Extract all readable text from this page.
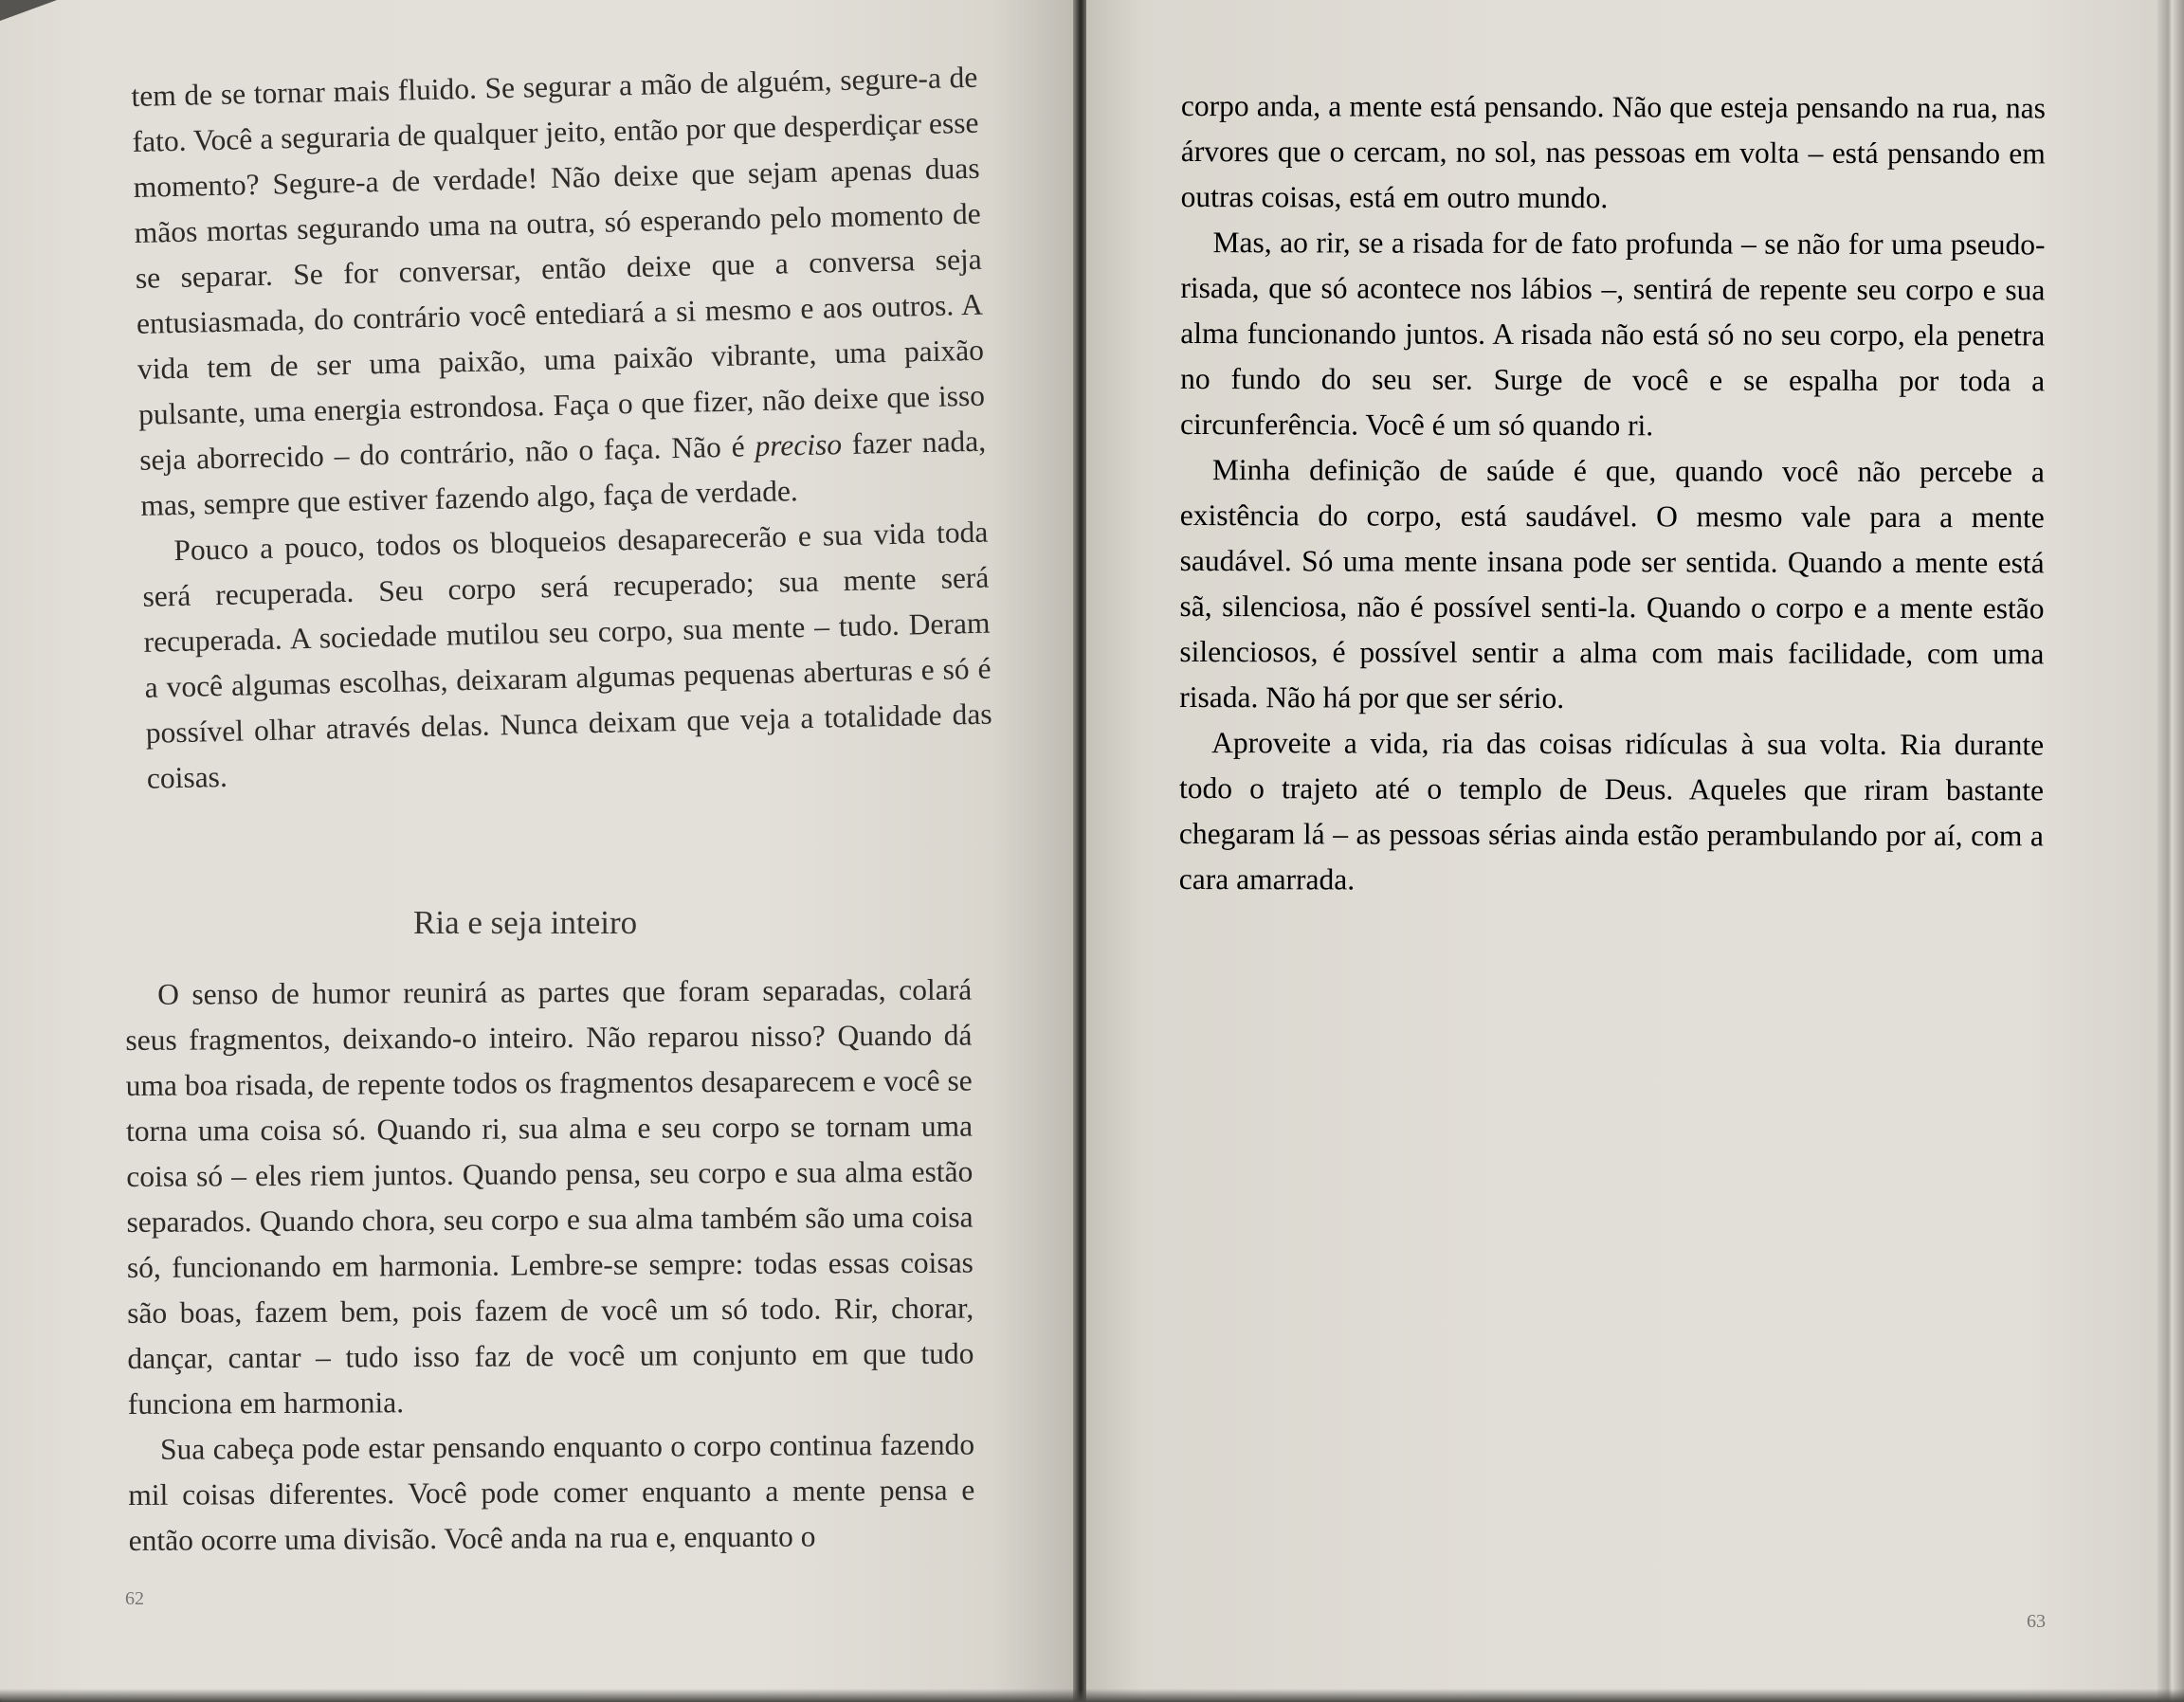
tem de se tornar mais fluido. Se segurar a mão de alguém, segure-a de fato. Você a seguraria de qualquer jeito, então por que desperdiçar esse momento? Segure-a de verdade! Não deixe que sejam apenas duas mãos mortas segurando uma na outra, só esperando pelo momento de se separar. Se for conversar, então deixe que a conversa seja entusiasmada, do contrário você entediará a si mesmo e aos outros. A vida tem de ser uma paixão, uma paixão vibrante, uma paixão pulsante, uma energia estrondosa. Faça o que fizer, não deixe que isso seja aborrecido – do contrário, não o faça. Não é preciso fazer nada, mas, sempre que estiver fazendo algo, faça de verdade.

Pouco a pouco, todos os bloqueios desaparecerão e sua vida toda será recuperada. Seu corpo será recuperado; sua mente será recuperada. A sociedade mutilou seu corpo, sua mente – tudo. Deram a você algumas escolhas, deixaram algumas pequenas aberturas e só é possível olhar através delas. Nunca deixam que veja a totalidade das coisas.

Ria e seja inteiro

O senso de humor reunirá as partes que foram separadas, colará seus fragmentos, deixando-o inteiro. Não reparou nisso? Quando dá uma boa risada, de repente todos os fragmentos desaparecem e você se torna uma coisa só. Quando ri, sua alma e seu corpo se tornam uma coisa só – eles riem juntos. Quando pensa, seu corpo e sua alma estão separados. Quando chora, seu corpo e sua alma também são uma coisa só, funcionando em harmonia. Lembre-se sempre: todas essas coisas são boas, fazem bem, pois fazem de você um só todo. Rir, chorar, dançar, cantar – tudo isso faz de você um conjunto em que tudo funciona em harmonia.

Sua cabeça pode estar pensando enquanto o corpo continua fazendo mil coisas diferentes. Você pode comer enquanto a mente pensa e então ocorre uma divisão. Você anda na rua e, enquanto o

62
63

corpo anda, a mente está pensando. Não que esteja pensando na rua, nas árvores que o cercam, no sol, nas pessoas em volta – está pensando em outras coisas, está em outro mundo.

Mas, ao rir, se a risada for de fato profunda – se não for uma pseudo-risada, que só acontece nos lábios –, sentirá de repente seu corpo e sua alma funcionando juntos. A risada não está só no seu corpo, ela penetra no fundo do seu ser. Surge de você e se espalha por toda a circunferência. Você é um só quando ri.

Minha definição de saúde é que, quando você não percebe a existência do corpo, está saudável. O mesmo vale para a mente saudável. Só uma mente insana pode ser sentida. Quando a mente está sã, silenciosa, não é possível senti-la. Quando o corpo e a mente estão silenciosos, é possível sentir a alma com mais facilidade, com uma risada. Não há por que ser sério.

Aproveite a vida, ria das coisas ridículas à sua volta. Ria durante todo o trajeto até o templo de Deus. Aqueles que riram bastante chegaram lá – as pessoas sérias ainda estão perambulando por aí, com a cara amarrada.
